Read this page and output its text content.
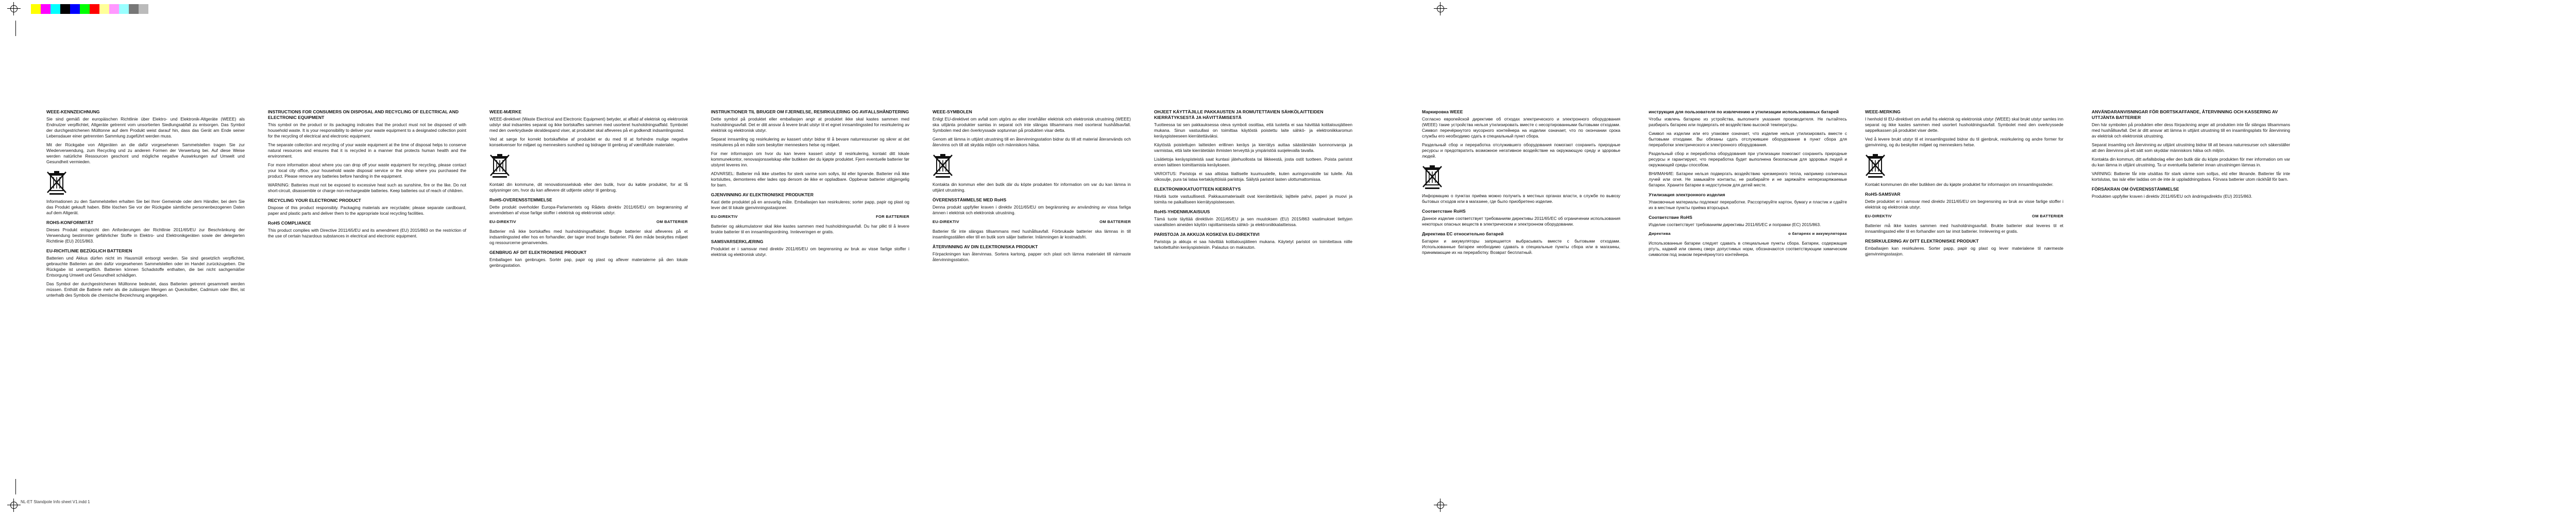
WEEE-KENNZEICHNUNG

Sie sind gemäß der europäischen Richtlinie über Elektro- und Elektronik-Altgeräte (WEEE) als Endnutzer verpflichtet, Altgeräte getrennt vom unsortierten Siedlungsabfall zu entsorgen. Das Symbol der durchgestrichenen Mülltonne auf dem Produkt weist darauf hin, dass das Gerät am Ende seiner Lebensdauer einer getrennten Sammlung zugeführt werden muss.

Mit der Rückgabe von Altgeräten an die dafür vorgesehenen Sammelstellen tragen Sie zur Wiederverwendung, zum Recycling und zu anderen Formen der Verwertung bei. Auf diese Weise werden natürliche Ressourcen geschont und mögliche negative Auswirkungen auf Umwelt und Gesundheit vermieden.

Informationen zu den Sammelstellen erhalten Sie bei Ihrer Gemeinde oder dem Händler, bei dem Sie das Produkt gekauft haben. Bitte löschen Sie vor der Rückgabe sämtliche personenbezogenen Daten auf dem Altgerät.

ROHS-KONFORMITÄT

Dieses Produkt entspricht den Anforderungen der Richtlinie 2011/65/EU zur Beschränkung der Verwendung bestimmter gefährlicher Stoffe in Elektro- und Elektronikgeräten sowie der delegierten Richtlinie (EU) 2015/863.

EU-RICHTLINIE BEZÜGLICH BATTERIEN

Batterien und Akkus dürfen nicht im Hausmüll entsorgt werden. Sie sind gesetzlich verpflichtet, gebrauchte Batterien an den dafür vorgesehenen Sammelstellen oder im Handel zurückzugeben. Die Rückgabe ist unentgeltlich. Batterien können Schadstoffe enthalten, die bei nicht sachgemäßer Entsorgung Umwelt und Gesundheit schädigen.

Das Symbol der durchgestrichenen Mülltonne bedeutet, dass Batterien getrennt gesammelt werden müssen. Enthält die Batterie mehr als die zulässigen Mengen an Quecksilber, Cadmium oder Blei, ist unterhalb des Symbols die chemische Bezeichnung angegeben.

INSTRUCTIONS FOR CONSUMERS ON DISPOSAL AND RECYCLING OF ELECTRICAL AND ELECTRONIC EQUIPMENT

This symbol on the product or its packaging indicates that the product must not be disposed of with household waste. It is your responsibility to deliver your waste equipment to a designated collection point for the recycling of electrical and electronic equipment.

The separate collection and recycling of your waste equipment at the time of disposal helps to conserve natural resources and ensures that it is recycled in a manner that protects human health and the environment.

For more information about where you can drop off your waste equipment for recycling, please contact your local city office, your household waste disposal service or the shop where you purchased the product. Please remove any batteries before handing in the equipment.

WARNING: Batteries must not be exposed to excessive heat such as sunshine, fire or the like. Do not short-circuit, disassemble or charge non-rechargeable batteries. Keep batteries out of reach of children.

RECYCLING YOUR ELECTRONIC PRODUCT

Dispose of this product responsibly. Packaging materials are recyclable; please separate cardboard, paper and plastic parts and deliver them to the appropriate local recycling facilities.

RoHS COMPLIANCE

This product complies with Directive 2011/65/EU and its amendment (EU) 2015/863 on the restriction of the use of certain hazardous substances in electrical and electronic equipment.

WEEE-MÆRKE

WEEE-direktivet (Waste Electrical and Electronic Equipment) betyder, at affald af elektrisk og elektronisk udstyr skal indsamles separat og ikke bortskaffes sammen med usorteret husholdningsaffald. Symbolet med den overkrydsede skraldespand viser, at produktet skal afleveres på et godkendt indsamlingssted.

Ved at sørge for korrekt bortskaffelse af produktet er du med til at forhindre mulige negative konsekvenser for miljøet og menneskers sundhed og bidrager til genbrug af værdifulde materialer.

Kontakt din kommune, dit renovationsselskab eller den butik, hvor du købte produktet, for at få oplysninger om, hvor du kan aflevere dit udtjente udstyr til genbrug.

RoHS-OVERENSSTEMMELSE

Dette produkt overholder Europa-Parlamentets og Rådets direktiv 2011/65/EU om begrænsning af anvendelsen af visse farlige stoffer i elektrisk og elektronisk udstyr.

EU-DIREKTIV	OM BATTERIER

Batterier må ikke bortskaffes med husholdningsaffaldet. Brugte batterier skal afleveres på et indsamlingssted eller hos en forhandler, der tager imod brugte batterier. På den måde beskyttes miljøet og ressourcerne genanvendes.

GENBRUG AF DIT ELEKTRONISKE PRODUKT

Emballagen kan genbruges. Sortér pap, papir og plast og aflever materialerne på den lokale genbrugsstation.

INSTRUKTIONER TIL BRUGER OM FJERNELSE, RESIRKULERING OG AVFALLSHÅNDTERING

Dette symbol på produktet eller emballasjen angir at produktet ikke skal kastes sammen med husholdningsavfall. Det er ditt ansvar å levere brukt utstyr til et egnet innsamlingssted for resirkulering av elektrisk og elektronisk utstyr.

Separat innsamling og resirkulering av kassert utstyr bidrar til å bevare naturressurser og sikrer at det resirkuleres på en måte som beskytter menneskers helse og miljøet.

For mer informasjon om hvor du kan levere kassert utstyr til resirkulering, kontakt ditt lokale kommunekontor, renovasjonsselskap eller butikken der du kjøpte produktet. Fjern eventuelle batterier før utstyret leveres inn.

ADVARSEL: Batterier må ikke utsettes for sterk varme som sollys, ild eller lignende. Batterier må ikke kortsluttes, demonteres eller lades opp dersom de ikke er oppladbare. Oppbevar batterier utilgjengelig for barn.

GJENVINNING AV ELEKTRONISKE PRODUKTER

Kast dette produktet på en ansvarlig måte. Emballasjen kan resirkuleres; sorter papp, papir og plast og lever det til lokale gjenvinningsstasjoner.

EU-DIREKTIV	FOR BATTERIER

Batterier og akkumulatorer skal ikke kastes sammen med husholdningsavfall. Du har plikt til å levere brukte batterier til en innsamlingsordning. Innleveringen er gratis.

SAMSVARSERKLÆRING

Produktet er i samsvar med direktiv 2011/65/EU om begrensning av bruk av visse farlige stoffer i elektrisk og elektronisk utstyr.

WEEE-SYMBOLEN

Enligt EU-direktivet om avfall som utgörs av eller innehåller elektrisk och elektronisk utrustning (WEEE) ska uttjänta produkter samlas in separat och inte slängas tillsammans med osorterat hushållsavfall. Symbolen med den överkryssade soptunnan på produkten visar detta.

Genom att lämna in uttjänt utrustning till en återvinningsstation bidrar du till att material återanvänds och återvinns och till att skydda miljön och människors hälsa.

Kontakta din kommun eller den butik där du köpte produkten för information om var du kan lämna in uttjänt utrustning.

ÖVERENSSTÄMMELSE MED RoHS

Denna produkt uppfyller kraven i direktiv 2011/65/EU om begränsning av användning av vissa farliga ämnen i elektrisk och elektronisk utrustning.

EU-DIREKTIV	OM BATTERIER

Batterier får inte slängas tillsammans med hushållsavfall. Förbrukade batterier ska lämnas in till insamlingsställen eller till en butik som säljer batterier. Inlämningen är kostnadsfri.

ÅTERVINNING AV DIN ELEKTRONISKA PRODUKT

Förpackningen kan återvinnas. Sortera kartong, papper och plast och lämna materialet till närmaste återvinningsstation.

OHJEET KÄYTTÄJILLE PAKKAUSTEN JA ROMUTETTAVIEN SÄHKÖLAITTEIDEN KIERRÄTYKSESTÄ JA HÄVITTÄMISESTÄ

Tuotteessa tai sen pakkauksessa oleva symboli osoittaa, että tuotetta ei saa hävittää kotitalousjätteen mukana. Sinun vastuullasi on toimittaa käytöstä poistettu laite sähkö- ja elektroniikkaromun keräyspisteeseen kierrätettäväksi.

Käytöstä poistettujen laitteiden erillinen keräys ja kierrätys auttaa säästämään luonnonvaroja ja varmistaa, että laite kierrätetään ihmisten terveyttä ja ympäristöä suojelevalla tavalla.

Lisätietoja keräyspisteistä saat kuntasi jätehuollosta tai liikkeestä, josta ostit tuotteen. Poista paristot ennen laitteen toimittamista keräykseen.

VAROITUS: Paristoja ei saa altistaa liialliselle kuumuudelle, kuten auringonvalolle tai tulelle. Älä oikosulje, pura tai lataa kertakäyttöisiä paristoja. Säilytä paristot lasten ulottumattomissa.

ELEKTRONIIKKATUOTTEEN KIERRÄTYS

Hävitä tuote vastuullisesti. Pakkausmateriaalit ovat kierrätettäviä; lajittele pahvi, paperi ja muovi ja toimita ne paikalliseen kierrätyspisteeseen.

RoHS-YHDENMUKAISUUS

Tämä tuote täyttää direktiivin 2011/65/EU ja sen muutoksen (EU) 2015/863 vaatimukset tiettyjen vaarallisten aineiden käytön rajoittamisesta sähkö- ja elektroniikkalaitteissa.

PARISTOJA JA AKKUJA KOSKEVA EU-DIREKTIIVI

Paristoja ja akkuja ei saa hävittää kotitalousjätteen mukana. Käytetyt paristot on toimitettava niille tarkoitettuihin keräyspisteisiin. Palautus on maksuton.

Маркировка WEEE

Согласно европейской директиве об отходах электрического и электронного оборудования (WEEE) такие устройства нельзя утилизировать вместе с несортированными бытовыми отходами. Символ перечёркнутого мусорного контейнера на изделии означает, что по окончании срока службы его необходимо сдать в специальный пункт сбора.

Раздельный сбор и переработка отслужившего оборудования помогают сохранить природные ресурсы и предотвратить возможное негативное воздействие на окружающую среду и здоровье людей.

Информацию о пунктах приёма можно получить в местных органах власти, в службе по вывозу бытовых отходов или в магазине, где было приобретено изделие.

Соответствие RoHS

Данное изделие соответствует требованиям директивы 2011/65/ЕС об ограничении использования некоторых опасных веществ в электрическом и электронном оборудовании.

Директива ЕС относительно батарей

Батареи и аккумуляторы запрещается выбрасывать вместе с бытовыми отходами. Использованные батареи необходимо сдавать в специальные пункты сбора или в магазины, принимающие их на переработку. Возврат бесплатный.

инструкция для пользователя по извлечению и утилизации использованных батарей

Чтобы извлечь батарею из устройства, выполните указания производителя. Не пытайтесь разбирать батарею или подвергать её воздействию высокой температуры.

Символ на изделии или его упаковке означает, что изделие нельзя утилизировать вместе с бытовыми отходами. Вы обязаны сдать отслужившее оборудование в пункт сбора для переработки электрического и электронного оборудования.

Раздельный сбор и переработка оборудования при утилизации помогают сохранить природные ресурсы и гарантируют, что переработка будет выполнена безопасным для здоровья людей и окружающей среды способом.

ВНИМАНИЕ: Батареи нельзя подвергать воздействию чрезмерного тепла, например солнечных лучей или огня. Не замыкайте контакты, не разбирайте и не заряжайте неперезаряжаемые батареи. Храните батареи в недоступном для детей месте.

Утилизация электронного изделия

Упаковочные материалы подлежат переработке. Рассортируйте картон, бумагу и пластик и сдайте их в местные пункты приёма вторсырья.

Соответствие RoHS

Изделие соответствует требованиям директивы 2011/65/ЕС и поправки (ЕС) 2015/863.

Директива	о батареях и аккумуляторах

Использованные батареи следует сдавать в специальные пункты сбора. Батареи, содержащие ртуть, кадмий или свинец сверх допустимых норм, обозначаются соответствующим химическим символом под знаком перечёркнутого контейнера.

WEEE-MERKING

I henhold til EU-direktivet om avfall fra elektrisk og elektronisk utstyr (WEEE) skal brukt utstyr samles inn separat og ikke kastes sammen med usortert husholdningsavfall. Symbolet med den overkryssede søppelkassen på produktet viser dette.

Ved å levere brukt utstyr til et innsamlingssted bidrar du til gjenbruk, resirkulering og andre former for gjenvinning, og du beskytter miljøet og menneskers helse.

Kontakt kommunen din eller butikken der du kjøpte produktet for informasjon om innsamlingssteder.

RoHS-SAMSVAR

Dette produktet er i samsvar med direktiv 2011/65/EU om begrensning av bruk av visse farlige stoffer i elektrisk og elektronisk utstyr.

EU-DIREKTIV	OM BATTERIER

Batterier må ikke kastes sammen med husholdningsavfall. Brukte batterier skal leveres til et innsamlingssted eller til en forhandler som tar imot batterier. Innlevering er gratis.

RESIRKULERING AV DITT ELEKTRONISKE PRODUKT

Emballasjen kan resirkuleres. Sorter papp, papir og plast og lever materialene til nærmeste gjenvinningsstasjon.

ANVÄNDARANVISNINGAR FÖR BORTSKAFFANDE, ÅTERVINNING OCH KASSERING AV UTTJÄNTA BATTERIER

Den här symbolen på produkten eller dess förpackning anger att produkten inte får slängas tillsammans med hushållsavfall. Det är ditt ansvar att lämna in uttjänt utrustning till en insamlingsplats för återvinning av elektrisk och elektronisk utrustning.

Separat insamling och återvinning av uttjänt utrustning bidrar till att bevara naturresurser och säkerställer att den återvinns på ett sätt som skyddar människors hälsa och miljön.

Kontakta din kommun, ditt avfallsbolag eller den butik där du köpte produkten för mer information om var du kan lämna in uttjänt utrustning. Ta ur eventuella batterier innan utrustningen lämnas in.

VARNING: Batterier får inte utsättas för stark värme som solljus, eld eller liknande. Batterier får inte kortslutas, tas isär eller laddas om de inte är uppladdningsbara. Förvara batterier utom räckhåll för barn.

FÖRSÄKRAN OM ÖVERENSSTÄMMELSE

Produkten uppfyller kraven i direktiv 2011/65/EU och ändringsdirektiv (EU) 2015/863.

NL-ET Standpole Info sheet V1.indd 1
